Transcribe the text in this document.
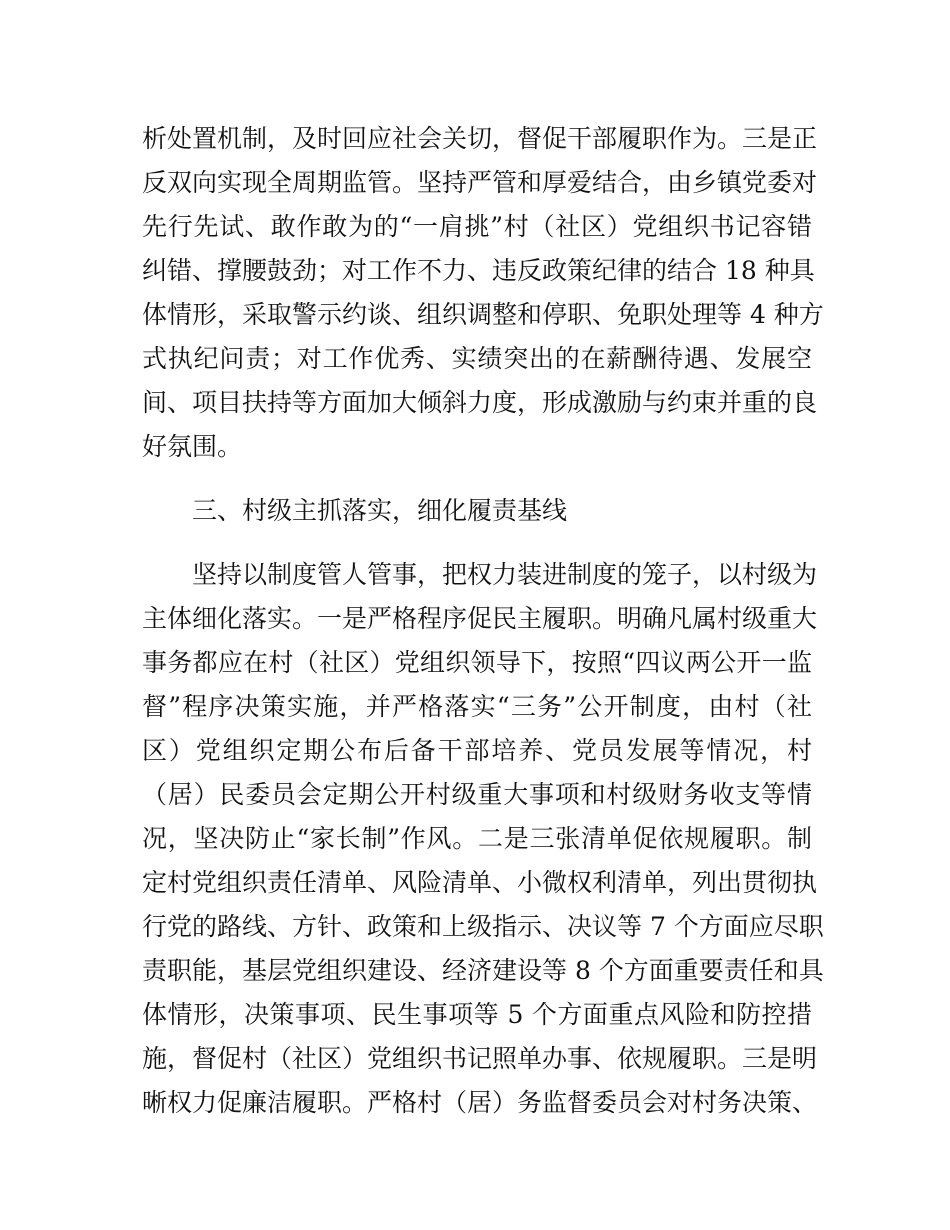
析处置机制，及时回应社会关切，督促干部履职作为。三是正
反双向实现全周期监管。坚持严管和厚爱结合，由乡镇党委对
先行先试、敢作敢为的“一肩挑”村（社区）党组织书记容错
纠错、撑腰鼓劲；对工作不力、违反政策纪律的结合 18 种具
体情形，采取警示约谈、组织调整和停职、免职处理等 4 种方
式执纪问责；对工作优秀、实绩突出的在薪酬待遇、发展空
间、项目扶持等方面加大倾斜力度，形成激励与约束并重的良
好氛围。
三、村级主抓落实，细化履责基线
坚持以制度管人管事，把权力装进制度的笼子，以村级为
主体细化落实。一是严格程序促民主履职。明确凡属村级重大
事务都应在村（社区）党组织领导下，按照“四议两公开一监
督”程序决策实施，并严格落实“三务”公开制度，由村（社
区）党组织定期公布后备干部培养、党员发展等情况，村
（居）民委员会定期公开村级重大事项和村级财务收支等情
况，坚决防止“家长制”作风。二是三张清单促依规履职。制
定村党组织责任清单、风险清单、小微权利清单，列出贯彻执
行党的路线、方针、政策和上级指示、决议等 7 个方面应尽职
责职能，基层党组织建设、经济建设等 8 个方面重要责任和具
体情形，决策事项、民生事项等 5 个方面重点风险和防控措
施，督促村（社区）党组织书记照单办事、依规履职。三是明
晰权力促廉洁履职。严格村（居）务监督委员会对村务决策、
